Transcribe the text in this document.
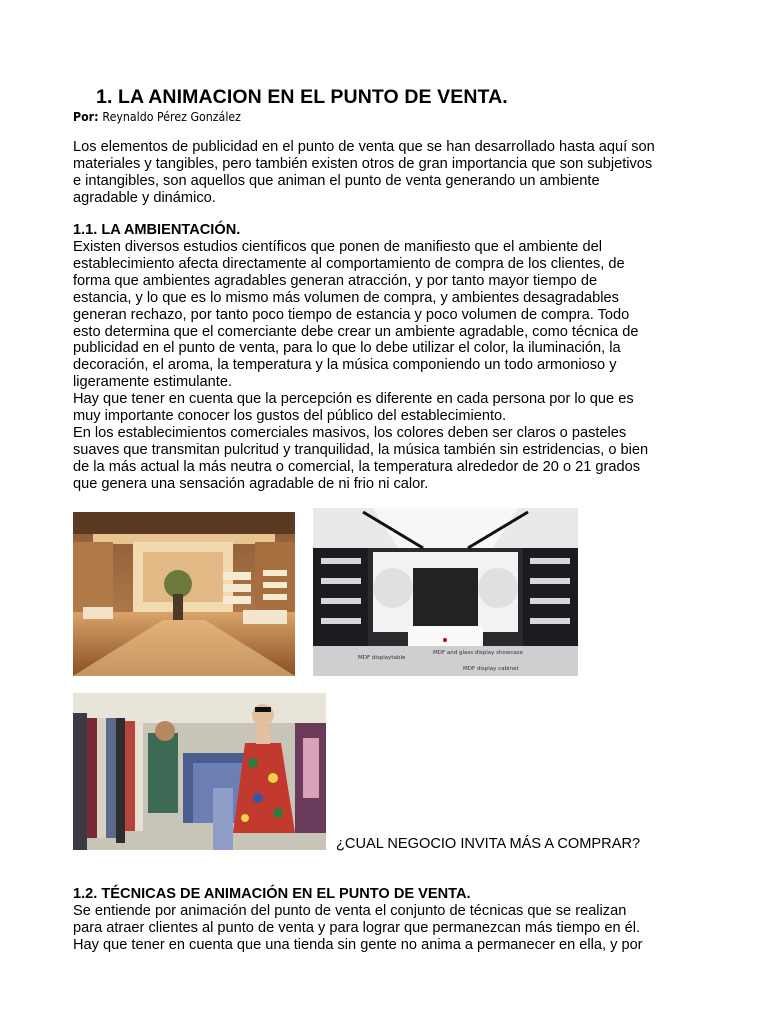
1. LA ANIMACION EN EL PUNTO DE VENTA.
Por: Reynaldo Pérez González
Los elementos de publicidad en el punto de venta que se han desarrollado hasta aquí son
materiales y tangibles, pero también existen otros de gran importancia que son subjetivos
e intangibles, son aquellos que animan el punto de venta generando un ambiente
agradable y dinámico.
1.1. LA AMBIENTACIÓN.
Existen diversos estudios científicos que ponen de manifiesto que el ambiente del
establecimiento afecta directamente al comportamiento de compra de los clientes, de
forma que ambientes agradables generan atracción, y por tanto mayor tiempo de
estancia, y lo que es lo mismo más volumen de compra, y ambientes desagradables
generan rechazo, por tanto poco tiempo de estancia y poco volumen de compra. Todo
esto determina que el comerciante debe crear un ambiente agradable, como técnica de
publicidad en el punto de venta, para lo que lo debe utilizar el color, la iluminación, la
decoración, el aroma, la temperatura y la música componiendo un todo armonioso y
ligeramente estimulante.
Hay que tener en cuenta que la percepción es diferente en cada persona por lo que es
muy importante conocer los gustos del público del establecimiento.
En los establecimientos comerciales masivos, los colores deben ser claros o pasteles
suaves que transmitan pulcritud y tranquilidad, la música también sin estridencias, o bien
de la más actual la más neutra o comercial, la temperatura alrededor de 20 o 21 grados
que genera una sensación agradable de ni frio ni calor.
MDF displaytable
MDF and glass display showcase
MDF display cabinet
¿CUAL NEGOCIO INVITA MÁS A COMPRAR?
1.2. TÉCNICAS DE ANIMACIÓN EN EL PUNTO DE VENTA.
Se entiende por animación del punto de venta el conjunto de técnicas que se realizan
para atraer clientes al punto de venta y para lograr que permanezcan más tiempo en él.
Hay que tener en cuenta que una tienda sin gente no anima a permanecer en ella, y por
